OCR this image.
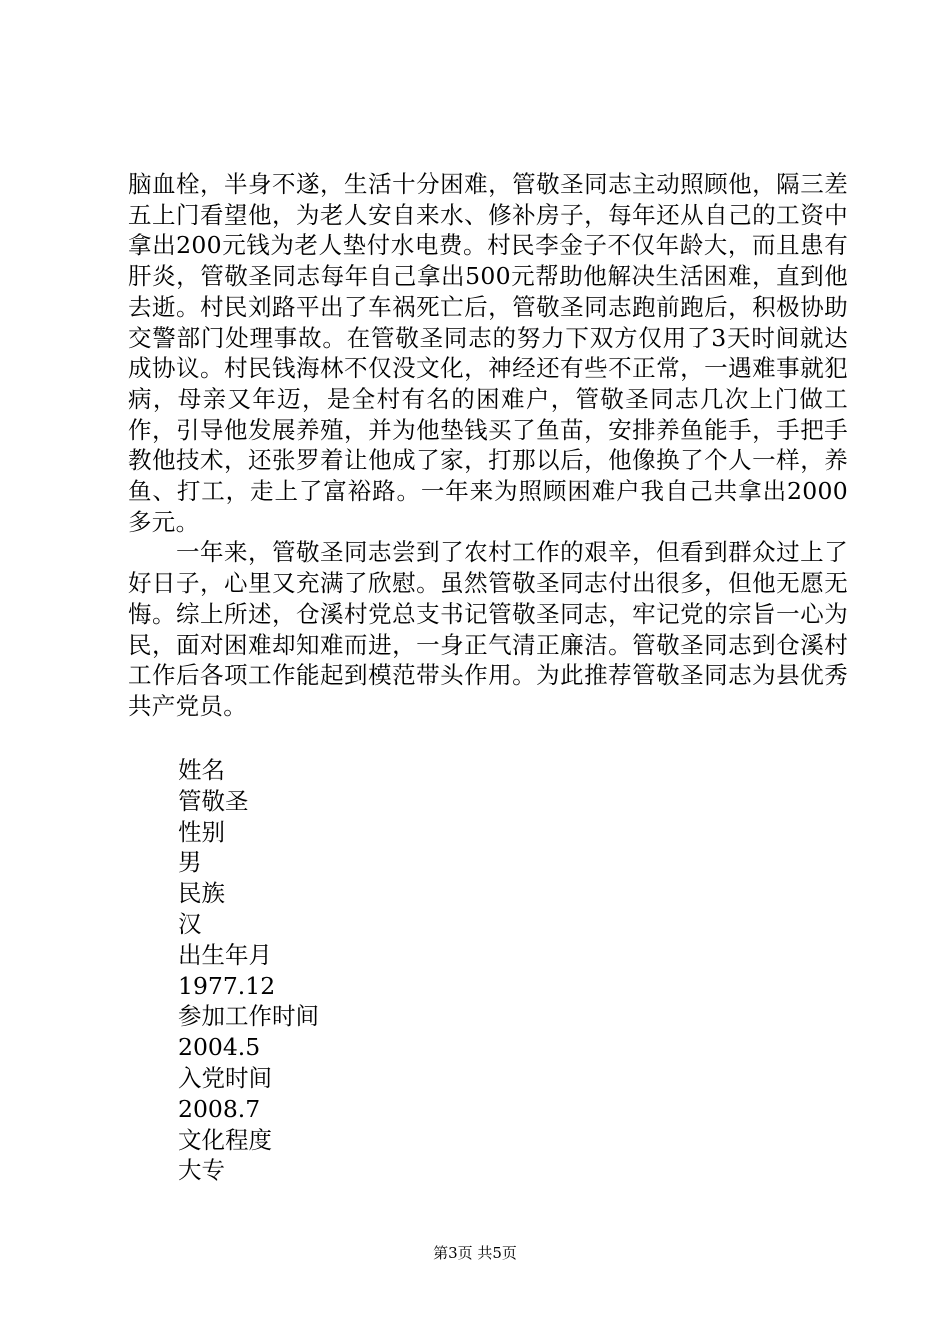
脑血栓，半身不遂，生活十分困难，管敬圣同志主动照顾他，隔三差五上门看望他，为老人安自来水、修补房子，每年还从自己的工资中拿出200元钱为老人垫付水电费。村民李金子不仅年龄大，而且患有肝炎，管敬圣同志每年自己拿出500元帮助他解决生活困难，直到他去逝。村民刘路平出了车祸死亡后，管敬圣同志跑前跑后，积极协助交警部门处理事故。在管敬圣同志的努力下双方仅用了3天时间就达成协议。村民钱海林不仅没文化，神经还有些不正常，一遇难事就犯病，母亲又年迈，是全村有名的困难户，管敬圣同志几次上门做工作，引导他发展养殖，并为他垫钱买了鱼苗，安排养鱼能手，手把手教他技术，还张罗着让他成了家，打那以后，他像换了个人一样，养鱼、打工，走上了富裕路。一年来为照顾困难户我自己共拿出2000多元。

一年来，管敬圣同志尝到了农村工作的艰辛，但看到群众过上了好日子，心里又充满了欣慰。虽然管敬圣同志付出很多，但他无愿无悔。综上所述，仓溪村党总支书记管敬圣同志，牢记党的宗旨一心为民，面对困难却知难而进，一身正气清正廉洁。管敬圣同志到仓溪村工作后各项工作能起到模范带头作用。为此推荐管敬圣同志为县优秀共产党员。

姓名
管敬圣
性别
男
民族
汉
出生年月
1977.12
参加工作时间
2004.5
入党时间
2008.7
文化程度
大专
第3页 共5页
